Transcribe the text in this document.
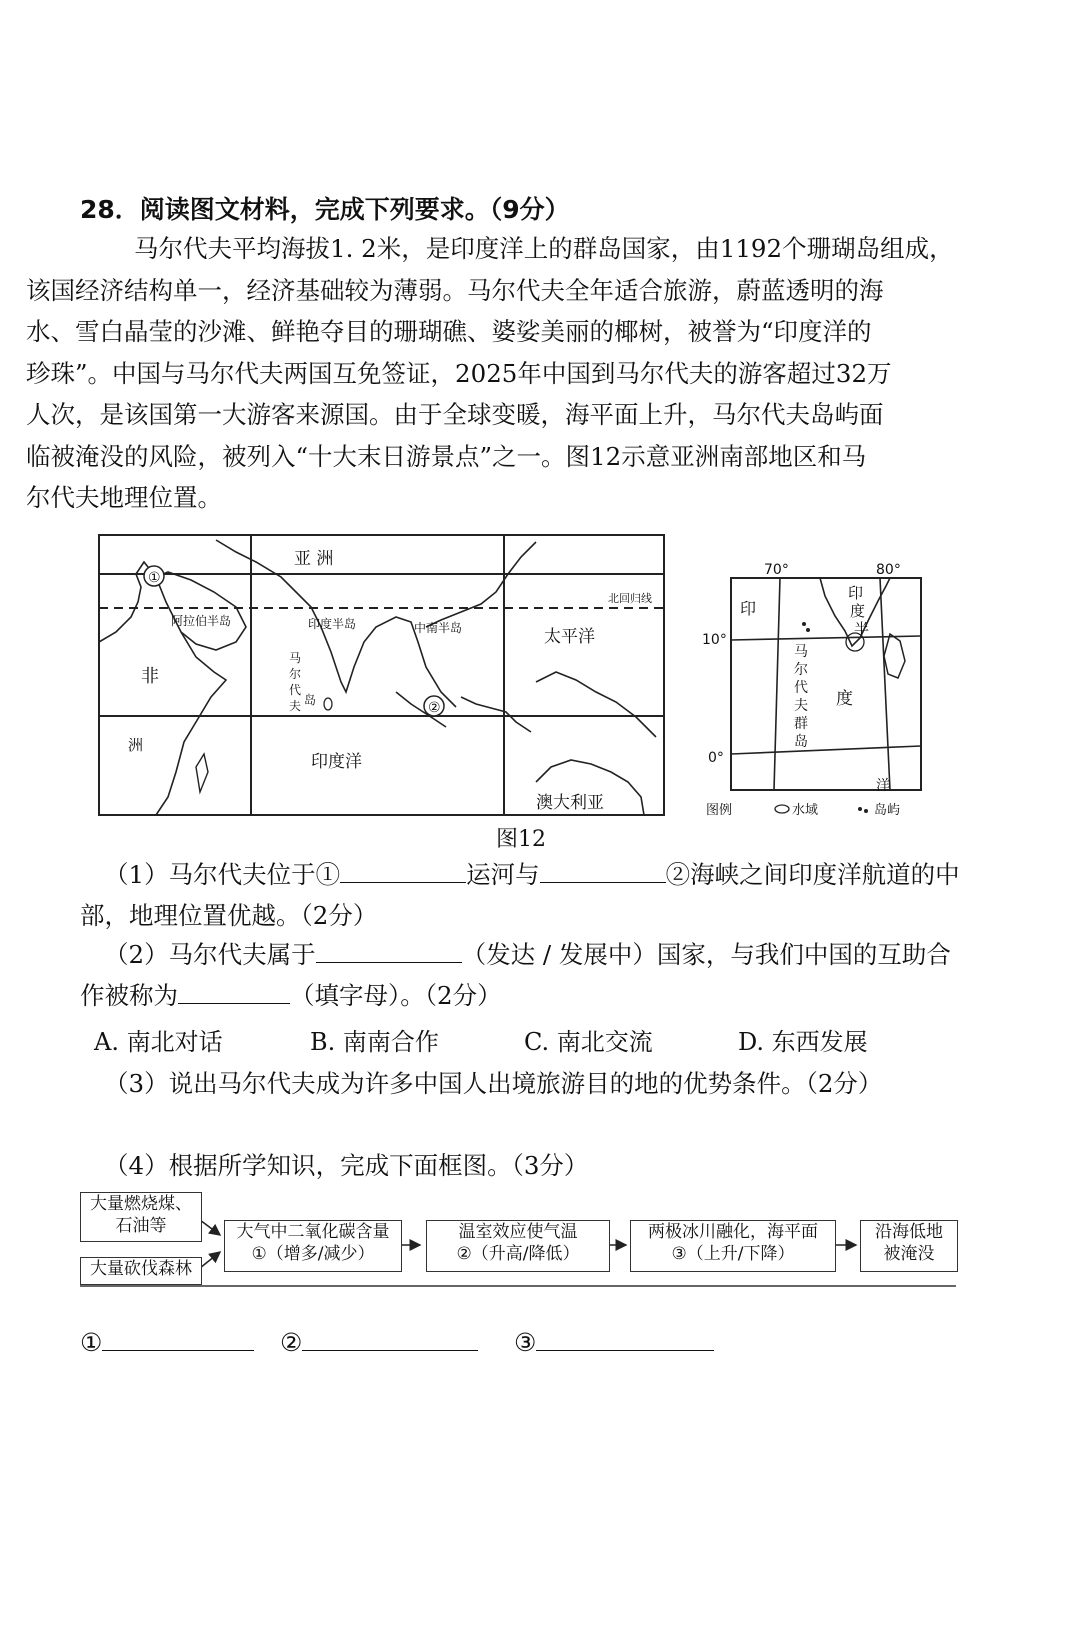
28．阅读图文材料，完成下列要求。（9分）
马尔代夫平均海拔1. 2米，是印度洋上的群岛国家，由1192个珊瑚岛组成，
该国经济结构单一，经济基础较为薄弱。马尔代夫全年适合旅游，蔚蓝透明的海
水、雪白晶莹的沙滩、鲜艳夺目的珊瑚礁、婆娑美丽的椰树，被誉为“印度洋的
珍珠”。中国与马尔代夫两国互免签证，2025年中国到马尔代夫的游客超过32万
人次，是该国第一大游客来源国。由于全球变暖，海平面上升，马尔代夫岛屿面
临被淹没的风险，被列入“十大末日游景点”之一。图12示意亚洲南部地区和马
尔代夫地理位置。
①
②
亚 洲
北回归线
阿拉伯半岛	印度半岛	中南半岛
马
尔
代
夫 岛
非
洲
太平洋
印度洋
澳大利亚
70°	80°
10°
0°
印
度
半
印
度
洋
马
尔
代
夫
群
岛
图例	水域	岛屿
图12
（1）马尔代夫位于①	运河与	②海峡之间印度洋航道的中
部，地理位置优越。（2分）
（2）马尔代夫属于	（发达 / 发展中）国家，与我们中国的互助合
作被称为	（填字母）。（2分）
A. 南北对话	B. 南南合作	C. 南北交流	D. 东西发展
（3）说出马尔代夫成为许多中国人出境旅游目的地的优势条件。（2分）
（4）根据所学知识，完成下面框图。（3分）
大量燃烧煤、
石油等
大量砍伐森林
大气中二氧化碳含量
①（增多/减少）
温室效应使气温
②（升高/降低）
两极冰川融化，海平面
③（上升/下降）
沿海低地
被淹没
①	②	③
